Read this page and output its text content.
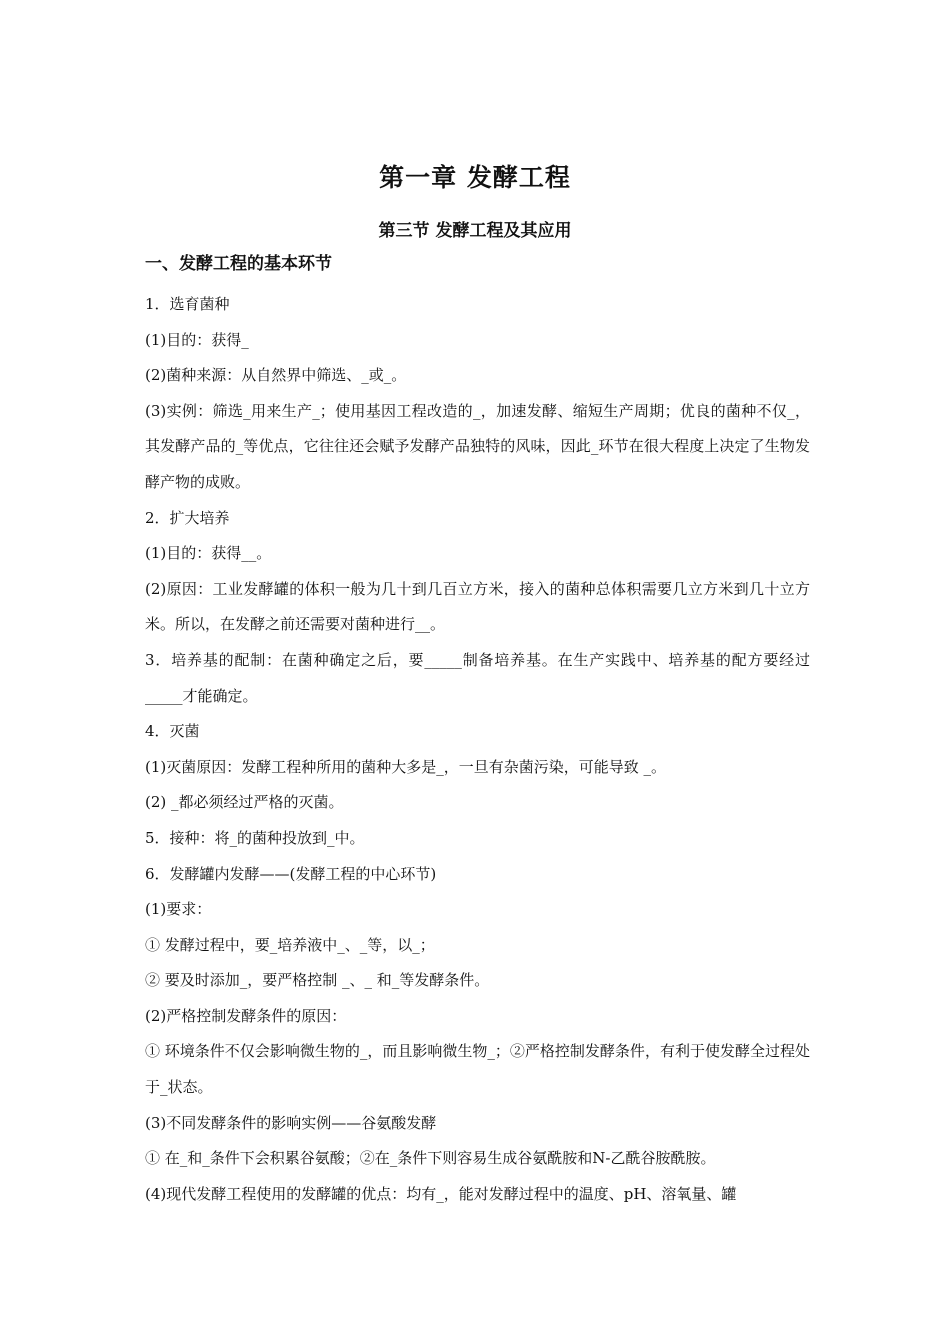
第一章 发酵工程
第三节 发酵工程及其应用
一、发酵工程的基本环节

1．选育菌种

(1)目的：获得_

(2)菌种来源：从自然界中筛选、_或_。

(3)实例：筛选_用来生产_；使用基因工程改造的_，加速发酵、缩短生产周期；优良的菌种不仅_，其发酵产品的_等优点，它往往还会赋予发酵产品独特的风味，因此_环节在很大程度上决定了生物发酵产物的成败。

2．扩大培养

(1)目的：获得__。

(2)原因：工业发酵罐的体积一般为几十到几百立方米，接入的菌种总体积需要几立方米到几十立方米。所以，在发酵之前还需要对菌种进行__。

3．培养基的配制：在菌种确定之后，要_____制备培养基。在生产实践中、培养基的配方要经过_____才能确定。

4．灭菌

(1)灭菌原因：发酵工程种所用的菌种大多是_，一旦有杂菌污染，可能导致 _。

(2) _都必须经过严格的灭菌。

5．接种：将_的菌种投放到_中。

6．发酵罐内发酵——(发酵工程的中心环节)

(1)要求：

① 发酵过程中，要_培养液中_、_等，以_；

② 要及时添加_，要严格控制 _、_ 和_等发酵条件。

(2)严格控制发酵条件的原因：

① 环境条件不仅会影响微生物的_，而且影响微生物_；②严格控制发酵条件，有利于使发酵全过程处于_状态。

(3)不同发酵条件的影响实例——谷氨酸发酵

① 在_和_条件下会积累谷氨酸；②在_条件下则容易生成谷氨酰胺和N-乙酰谷胺酰胺。

(4)现代发酵工程使用的发酵罐的优点：均有_，能对发酵过程中的温度、pH、溶氧量、罐
